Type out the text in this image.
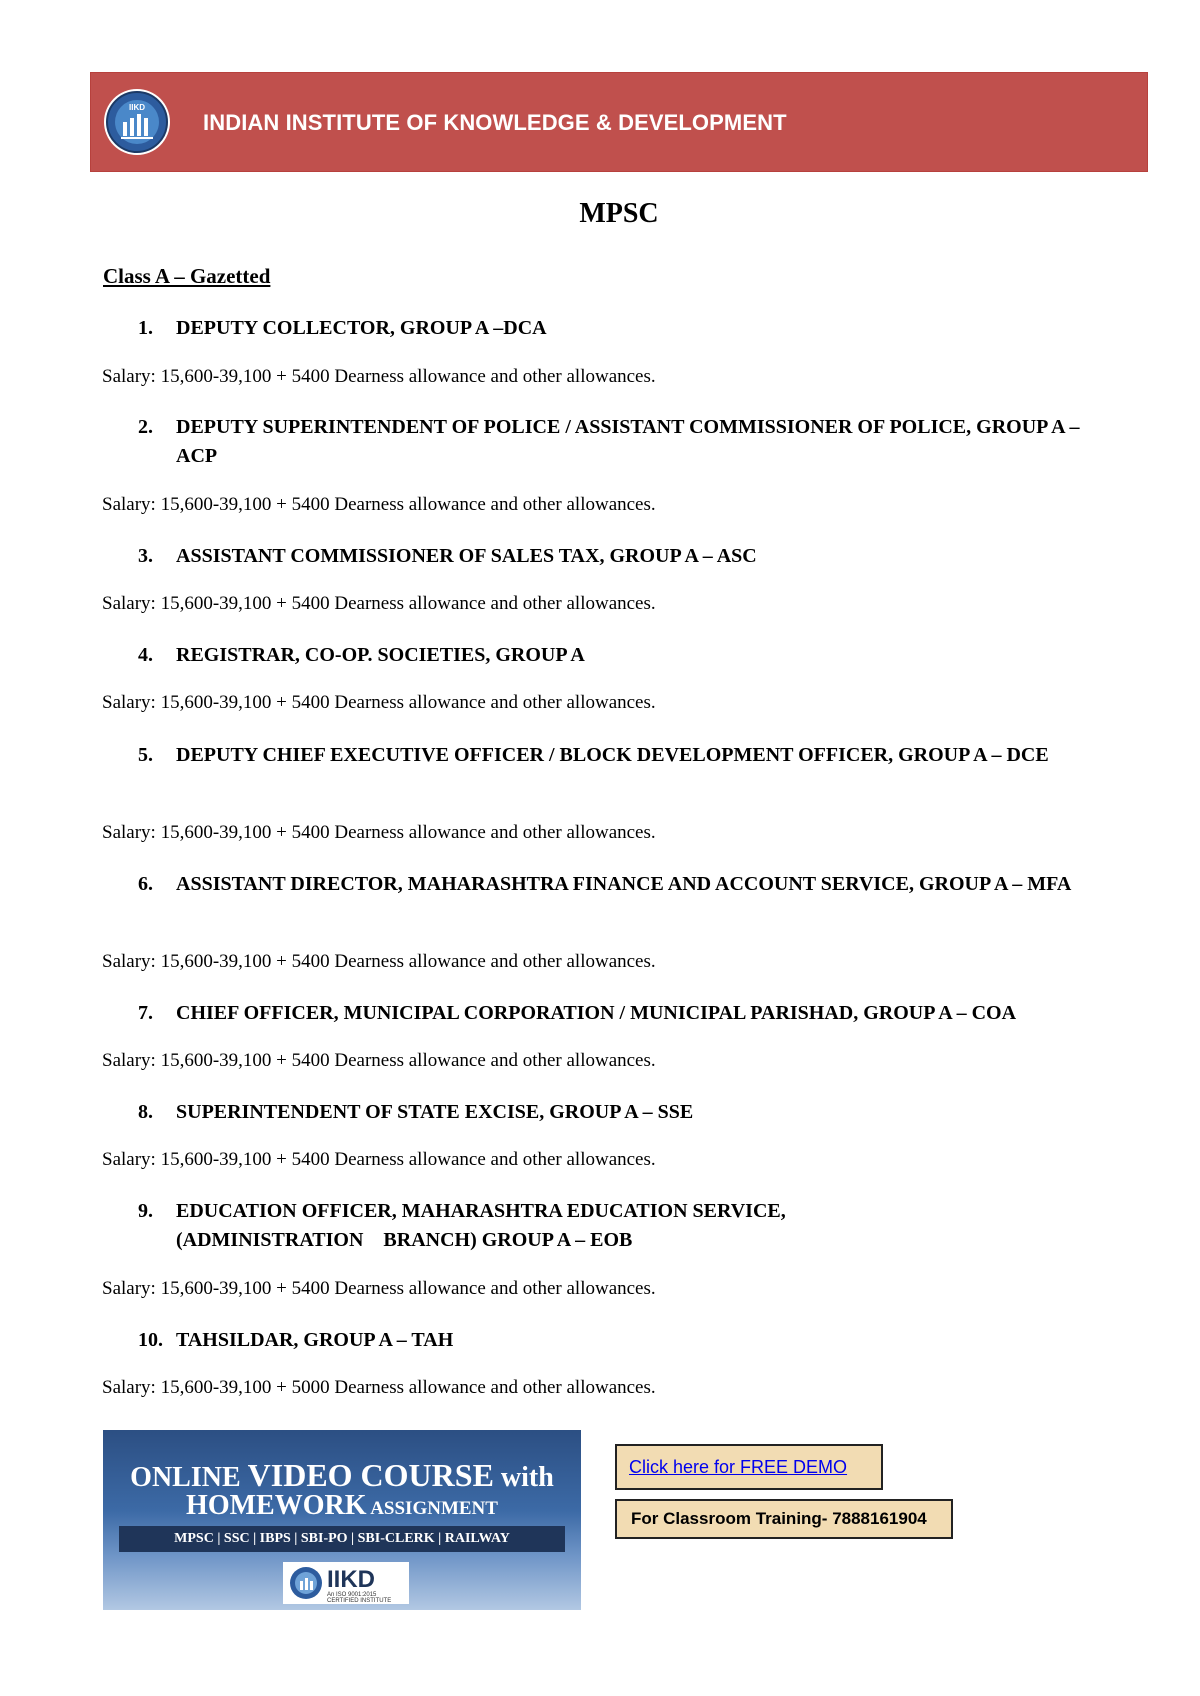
IIKD
INDIAN INSTITUTE OF KNOWLEDGE & DEVELOPMENT
MPSC
Class A – Gazetted
1. DEPUTY COLLECTOR, GROUP A –DCA
Salary: 15,600-39,100 + 5400 Dearness allowance and other allowances.
2. DEPUTY SUPERINTENDENT OF POLICE / ASSISTANT COMMISSIONER OF POLICE, GROUP A – ACP
Salary: 15,600-39,100 + 5400 Dearness allowance and other allowances.
3. ASSISTANT COMMISSIONER OF SALES TAX, GROUP A – ASC
Salary: 15,600-39,100 + 5400 Dearness allowance and other allowances.
4. REGISTRAR, CO-OP. SOCIETIES, GROUP A
Salary: 15,600-39,100 + 5400 Dearness allowance and other allowances.
5. DEPUTY CHIEF EXECUTIVE OFFICER / BLOCK DEVELOPMENT OFFICER, GROUP A – DCE
Salary: 15,600-39,100 + 5400 Dearness allowance and other allowances.
6. ASSISTANT DIRECTOR, MAHARASHTRA FINANCE AND ACCOUNT SERVICE, GROUP A – MFA
Salary: 15,600-39,100 + 5400 Dearness allowance and other allowances.
7. CHIEF OFFICER, MUNICIPAL CORPORATION / MUNICIPAL PARISHAD, GROUP A – COA
Salary: 15,600-39,100 + 5400 Dearness allowance and other allowances.
8. SUPERINTENDENT OF STATE EXCISE, GROUP A – SSE
Salary: 15,600-39,100 + 5400 Dearness allowance and other allowances.
9. EDUCATION OFFICER, MAHARASHTRA EDUCATION SERVICE, (ADMINISTRATION    BRANCH) GROUP A – EOB
Salary: 15,600-39,100 + 5400 Dearness allowance and other allowances.
10. TAHSILDAR, GROUP A – TAH
Salary: 15,600-39,100 + 5000 Dearness allowance and other allowances.
ONLINE VIDEO COURSE with
HOMEWORK ASSIGNMENT
MPSC | SSC | IBPS | SBI-PO | SBI-CLERK | RAILWAY
IIKD
An ISO 9001:2015 CERTIFIED INSTITUTE
Click here for FREE DEMO
For Classroom Training- 7888161904
